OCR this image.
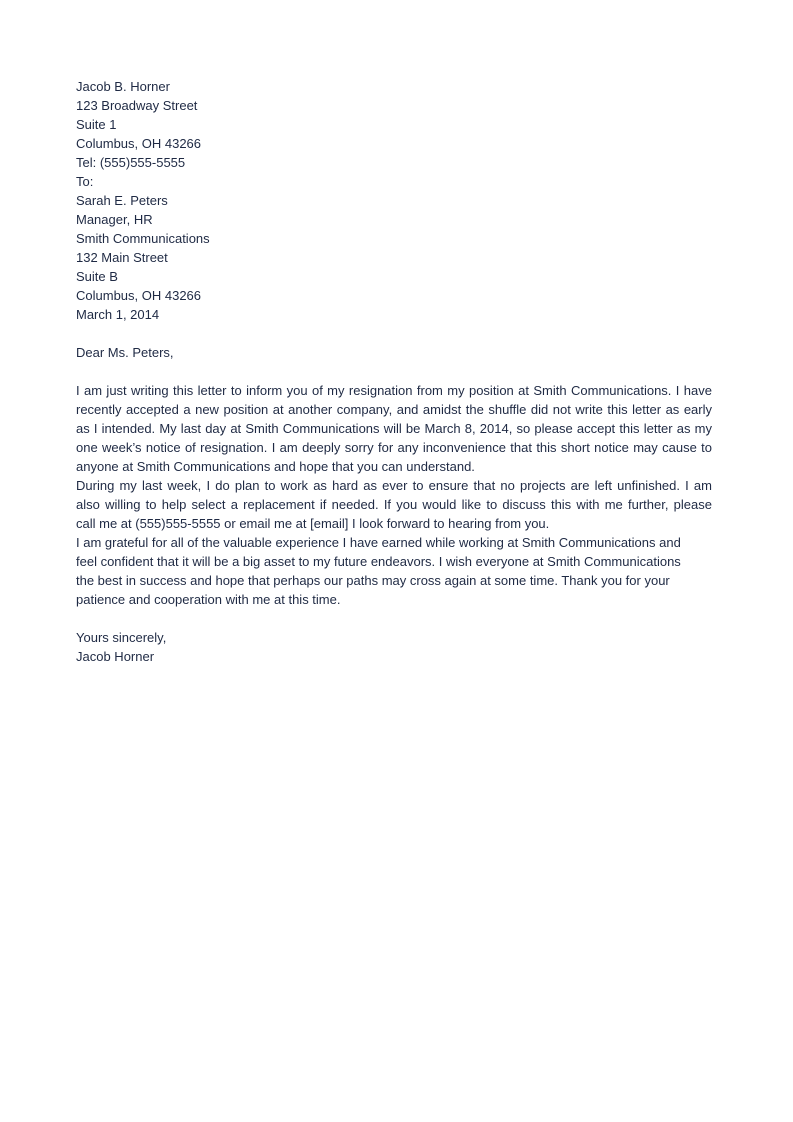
Jacob B. Horner
123 Broadway Street
Suite 1
Columbus, OH 43266
Tel: (555)555-5555
To:
Sarah E. Peters
Manager, HR
Smith Communications
132 Main Street
Suite B
Columbus, OH 43266
March 1, 2014
Dear Ms. Peters,
I am just writing this letter to inform you of my resignation from my position at Smith Communications. I have
recently accepted a new position at another company, and amidst the shuffle did not write this letter as early
as I intended. My last day at Smith Communications will be March 8, 2014, so please accept this letter as my
one week’s notice of resignation. I am deeply sorry for any inconvenience that this short notice may cause to
anyone at Smith Communications and hope that you can understand.
During my last week, I do plan to work as hard as ever to ensure that no projects are left unfinished. I am
also willing to help select a replacement if needed. If you would like to discuss this with me further, please
call me at (555)555-5555 or email me at [email] I look forward to hearing from you.
I am grateful for all of the valuable experience I have earned while working at Smith Communications and
feel confident that it will be a big asset to my future endeavors. I wish everyone at Smith Communications
the best in success and hope that perhaps our paths may cross again at some time. Thank you for your
patience and cooperation with me at this time.
Yours sincerely,
Jacob Horner
